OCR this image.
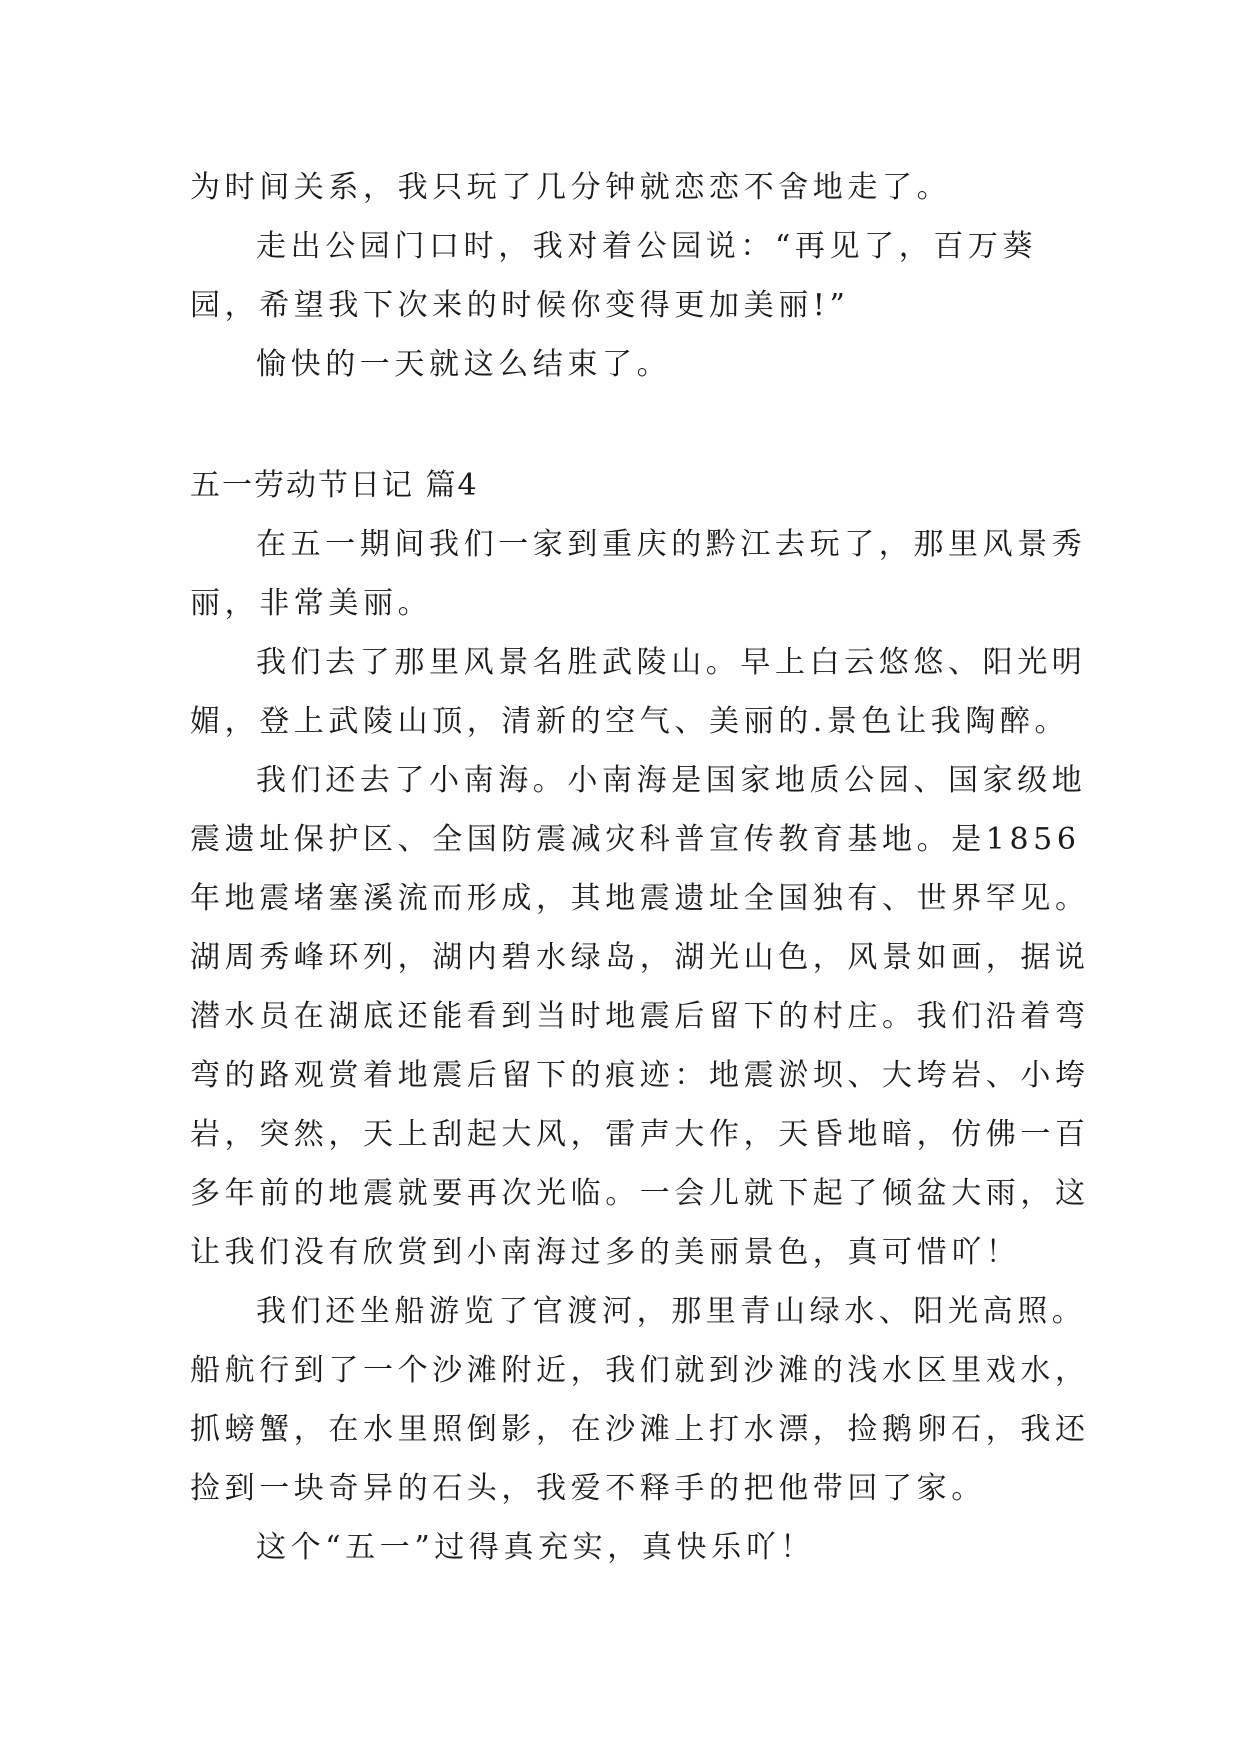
为时间关系，我只玩了几分钟就恋恋不舍地走了。
走出公园门口时，我对着公园说：“再见了，百万葵
园，希望我下次来的时候你变得更加美丽!”
愉快的一天就这么结束了。
五一劳动节日记 篇4
在五一期间我们一家到重庆的黔江去玩了，那里风景秀
丽，非常美丽。
我们去了那里风景名胜武陵山。早上白云悠悠、阳光明
媚，登上武陵山顶，清新的空气、美丽的.景色让我陶醉。
我们还去了小南海。小南海是国家地质公园、国家级地
震遗址保护区、全国防震减灾科普宣传教育基地。是1856
年地震堵塞溪流而形成，其地震遗址全国独有、世界罕见。
湖周秀峰环列，湖内碧水绿岛，湖光山色，风景如画，据说
潜水员在湖底还能看到当时地震后留下的村庄。我们沿着弯
弯的路观赏着地震后留下的痕迹：地震淤坝、大垮岩、小垮
岩，突然，天上刮起大风，雷声大作，天昏地暗，仿佛一百
多年前的地震就要再次光临。一会儿就下起了倾盆大雨，这
让我们没有欣赏到小南海过多的美丽景色，真可惜吖！
我们还坐船游览了官渡河，那里青山绿水、阳光高照。
船航行到了一个沙滩附近，我们就到沙滩的浅水区里戏水，
抓螃蟹，在水里照倒影，在沙滩上打水漂，捡鹅卵石，我还
捡到一块奇异的石头，我爱不释手的把他带回了家。
这个“五一”过得真充实，真快乐吖！
